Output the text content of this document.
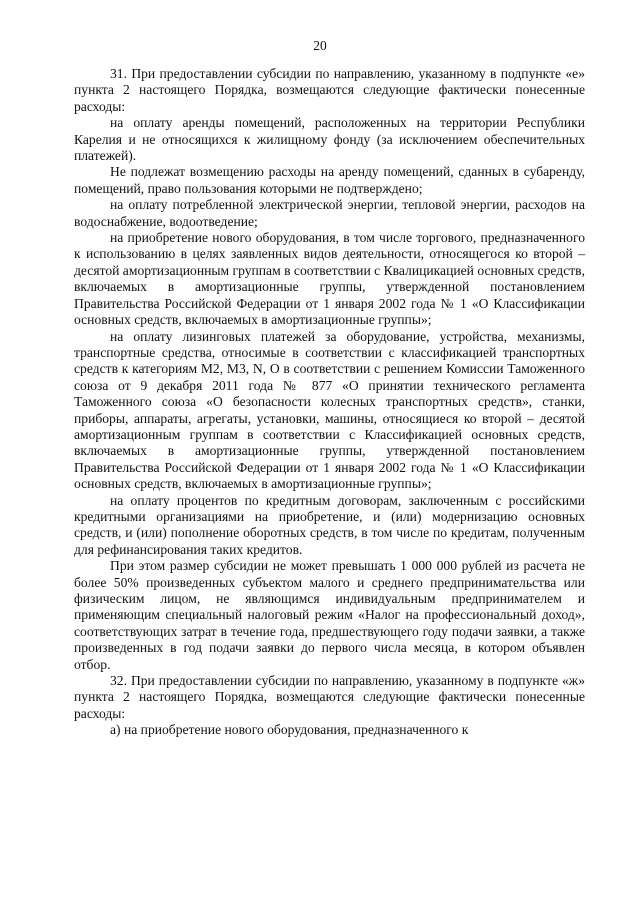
20

31. При предоставлении субсидии по направлению, указанному в подпункте «е» пункта 2 настоящего Порядка, возмещаются следующие фактически понесенные расходы:

на оплату аренды помещений, расположенных на территории Республики Карелия и не относящихся к жилищному фонду (за исключением обеспечительных платежей).

Не подлежат возмещению расходы на аренду помещений, сданных в субаренду, помещений, право пользования которыми не подтверждено;

на оплату потребленной электрической энергии, тепловой энергии, расходов на водоснабжение, водоотведение;

на приобретение нового оборудования, в том числе торгового, предназначенного к использованию в целях заявленных видов деятельности, относящегося ко второй – десятой амортизационным группам в соответствии с Квалицикацией основных средств, включаемых в амортизационные группы, утвержденной постановлением Правительства Российской Федерации от 1 января 2002 года № 1 «О Классификации основных средств, включаемых в амортизационные группы»;

на оплату лизинговых платежей за оборудование, устройства, механизмы, транспортные средства, относимые в соответствии с классификацией транспортных средств к категориям M2, M3, N, O в соответствии с решением Комиссии Таможенного союза от 9 декабря 2011 года № 877 «О принятии технического регламента Таможенного союза «О безопасности колесных транспортных средств», станки, приборы, аппараты, агрегаты, установки, машины, относящиеся ко второй – десятой амортизационным группам в соответствии с Классификацией основных средств, включаемых в амортизационные группы, утвержденной постановлением Правительства Российской Федерации от 1 января 2002 года № 1 «О Классификации основных средств, включаемых в амортизационные группы»;

на оплату процентов по кредитным договорам, заключенным с российскими кредитными организациями на приобретение, и (или) модернизацию основных средств, и (или) пополнение оборотных средств, в том числе по кредитам, полученным для рефинансирования таких кредитов.

При этом размер субсидии не может превышать 1 000 000 рублей из расчета не более 50% произведенных субъектом малого и среднего предпринимательства или физическим лицом, не являющимся индивидуальным предпринимателем и применяющим специальный налоговый режим «Налог на профессиональный доход», соответствующих затрат в течение года, предшествующего году подачи заявки, а также произведенных в год подачи заявки до первого числа месяца, в котором объявлен отбор.

32. При предоставлении субсидии по направлению, указанному в подпункте «ж» пункта 2 настоящего Порядка, возмещаются следующие фактически понесенные расходы:

а) на приобретение нового оборудования, предназначенного к
